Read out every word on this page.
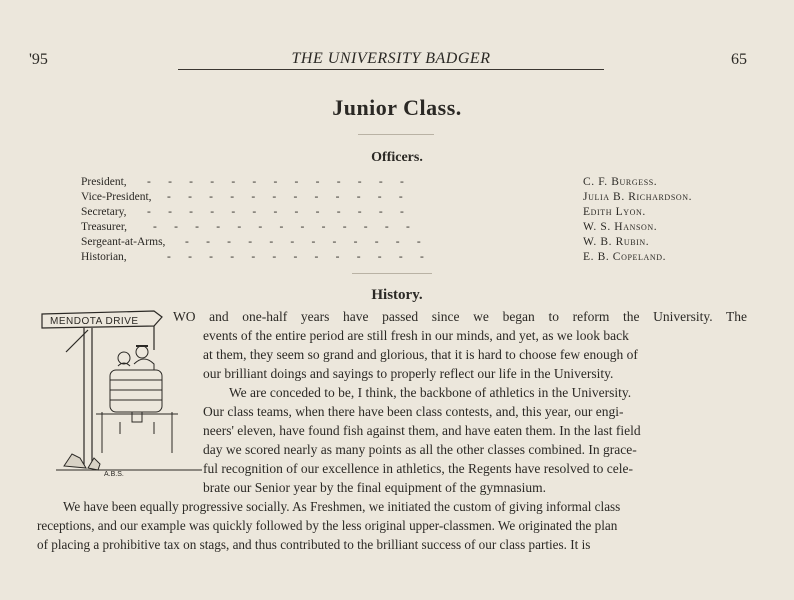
'95	THE UNIVERSITY BADGER	65
Junior Class.
Officers.
President, -      -      -      -      -      -      -      -      -      -      -      -      -	C. F. Burgess.
Vice-President, -      -      -      -      -      -      -      -      -      -      -      -	Julia B. Richardson.
Secretary, -      -      -      -      -      -      -      -      -      -      -      -      -	Edith Lyon.
Treasurer, -      -      -      -      -      -      -      -      -      -      -      -      -	W. S. Hanson.
Sergeant-at-Arms, -      -      -      -      -      -      -      -      -      -      -      -	W. B. Rubin.
Historian,	-      -      -      -      -      -      -      -      -      -      -      -      -	E. B. Copeland.
History.
MENDOTA DRIVE
A.B.S.
WO and one-half years have passed since we began to reform the University. The
events of the entire period are still fresh in our minds, and yet, as we look back
at them, they seem so grand and glorious, that it is hard to choose few enough of
our brilliant doings and sayings to properly reflect our life in the University.
We are conceded to be, I think, the backbone of athletics in the University.
Our class teams, when there have been class contests, and, this year, our engi-
neers' eleven, have found fish against them, and have eaten them. In the last field
day we scored nearly as many points as all the other classes combined. In grace-
ful recognition of our excellence in athletics, the Regents have resolved to cele-
brate our Senior year by the final equipment of the gymnasium.
We have been equally progressive socially. As Freshmen, we initiated the custom of giving informal class
receptions, and our example was quickly followed by the less original upper-classmen. We originated the plan
of placing a prohibitive tax on stags, and thus contributed to the brilliant success of our class parties. It is
